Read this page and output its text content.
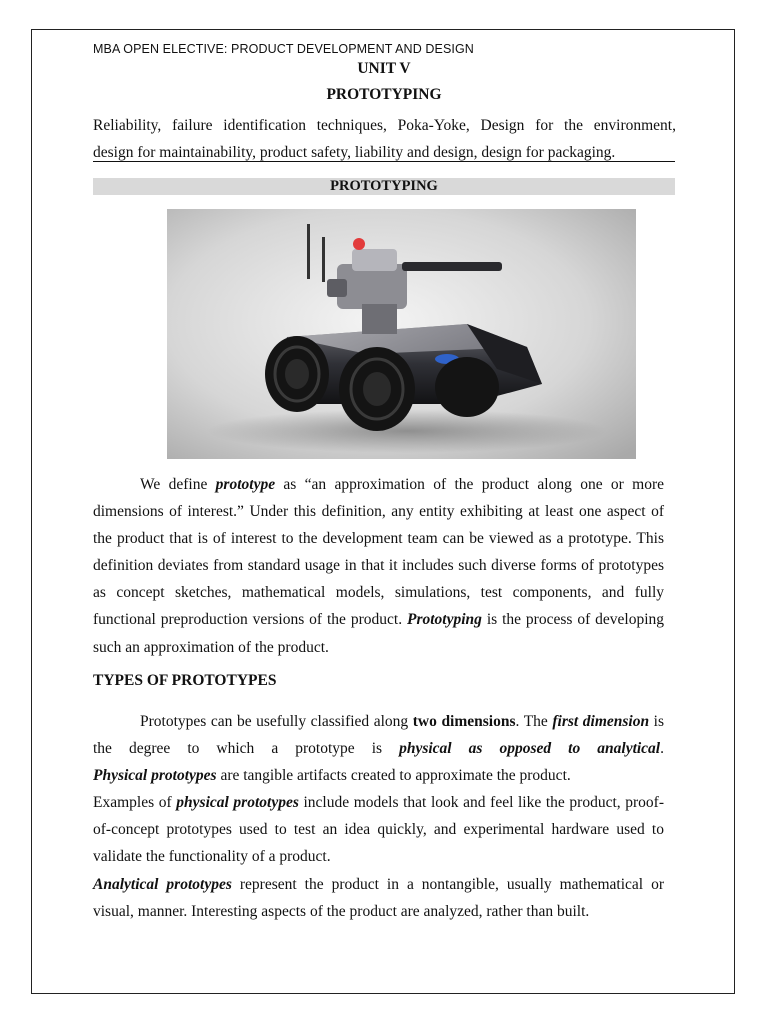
MBA OPEN ELECTIVE: PRODUCT DEVELOPMENT AND DESIGN
UNIT V
PROTOTYPING
Reliability, failure identification techniques, Poka-Yoke, Design for the environment,
design for maintainability, product safety, liability and design, design for packaging.
PROTOTYPING
We define prototype as “an approximation of the product along one or more dimensions of interest.” Under this definition, any entity exhibiting at least one aspect of the product that is of interest to the development team can be viewed as a prototype. This definition deviates from standard usage in that it includes such diverse forms of prototypes as concept sketches, mathematical models, simulations, test components, and fully functional preproduction versions of the product. Prototyping is the process of developing such an approximation of the product.
TYPES OF PROTOTYPES
Prototypes can be usefully classified along two dimensions. The first dimension is the degree to which a prototype is physical as opposed to analytical.
Physical prototypes are tangible artifacts created to approximate the product.
Examples of physical prototypes include models that look and feel like the product, proof-of-concept prototypes used to test an idea quickly, and experimental hardware used to validate the functionality of a product.
Analytical prototypes represent the product in a nontangible, usually mathematical or visual, manner. Interesting aspects of the product are analyzed, rather than built.
